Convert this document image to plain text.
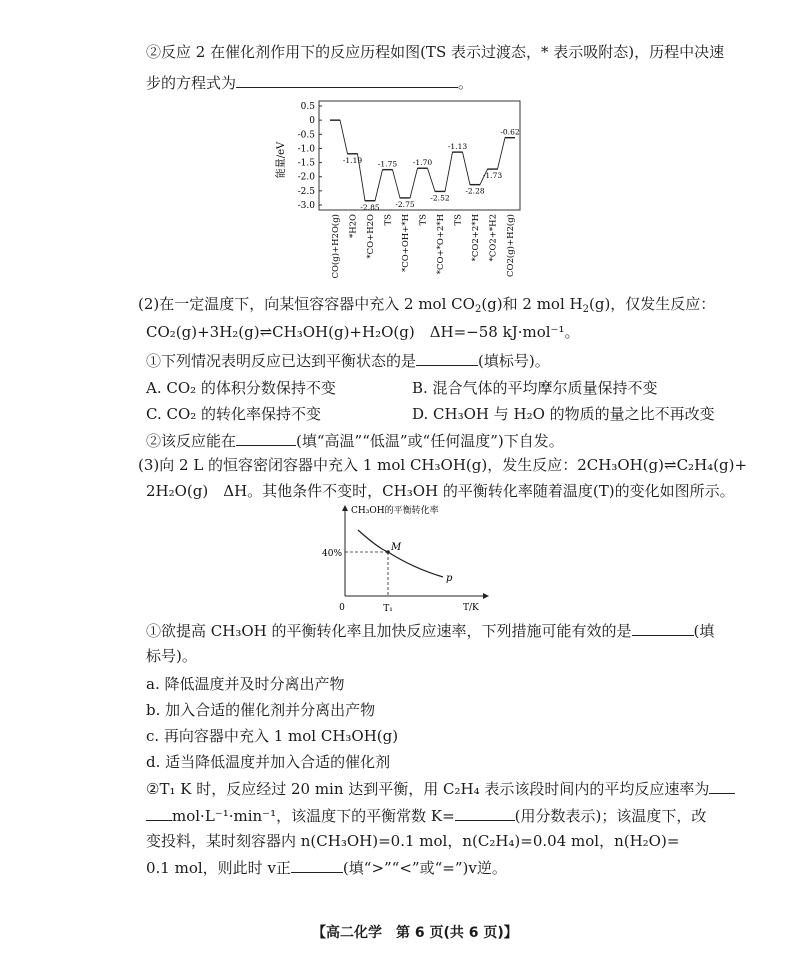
②反应 2 在催化剂作用下的反应历程如图(TS 表示过渡态，* 表示吸附态)，历程中决速
步的方程式为	。
能量/eV
0.5
0
-0.5
-1.0
-1.5
-2.0
-2.5
-3.0
-1.19
-2.85
-1.75
-2.75
-1.70
-2.52
-1.13
-2.28
-1.73
-0.62
CO(g)+H2O(g) *H2O *CO+H2O TS *CO+OH+*H TS *CO+*O+2*H TS *CO2+2*H *CO2+*H2 CO2(g)+H2(g)
(2)在一定温度下，向某恒容容器中充入 2 mol $CO_2(g)$和 2 mol $H_2(g)$，仅发生反应：
CO₂(g)+3H₂(g)⇌CH₃OH(g)+H₂O(g)　ΔH=−58 kJ·mol⁻¹。
①下列情况表明反应已达到平衡状态的是	(填标号)。
A. CO₂ 的体积分数保持不变	B. 混合气体的平均摩尔质量保持不变
C. CO₂ 的转化率保持不变	D. CH₃OH 与 H₂O 的物质的量之比不再改变
②该反应能在	(填“高温”“低温”或“任何温度”)下自发。
(3)向 2 L 的恒容密闭容器中充入 1 mol CH₃OH(g)，发生反应：2CH₃OH(g)⇌C₂H₄(g)+
2H₂O(g)　ΔH。其他条件不变时，CH₃OH 的平衡转化率随着温度(T)的变化如图所示。
CH₃OH的平衡转化率
M
p
40%
0	T₁	T/K
①欲提高 CH₃OH 的平衡转化率且加快反应速率，下列措施可能有效的是	(填
标号)。
a. 降低温度并及时分离出产物
b. 加入合适的催化剂并分离出产物
c. 再向容器中充入 1 mol CH₃OH(g)
d. 适当降低温度并加入合适的催化剂
②T₁ K 时，反应经过 20 min 达到平衡，用 C₂H₄ 表示该段时间内的平均反应速率为
mol·L⁻¹·min⁻¹，该温度下的平衡常数 K=	(用分数表示)；该温度下，改
变投料，某时刻容器内 n(CH₃OH)=0.1 mol，n(C₂H₄)=0.04 mol，n(H₂O)=
0.1 mol，则此时 v正	(填“>”“<”或“=”)v逆。
【高二化学　第 6 页(共 6 页)】
